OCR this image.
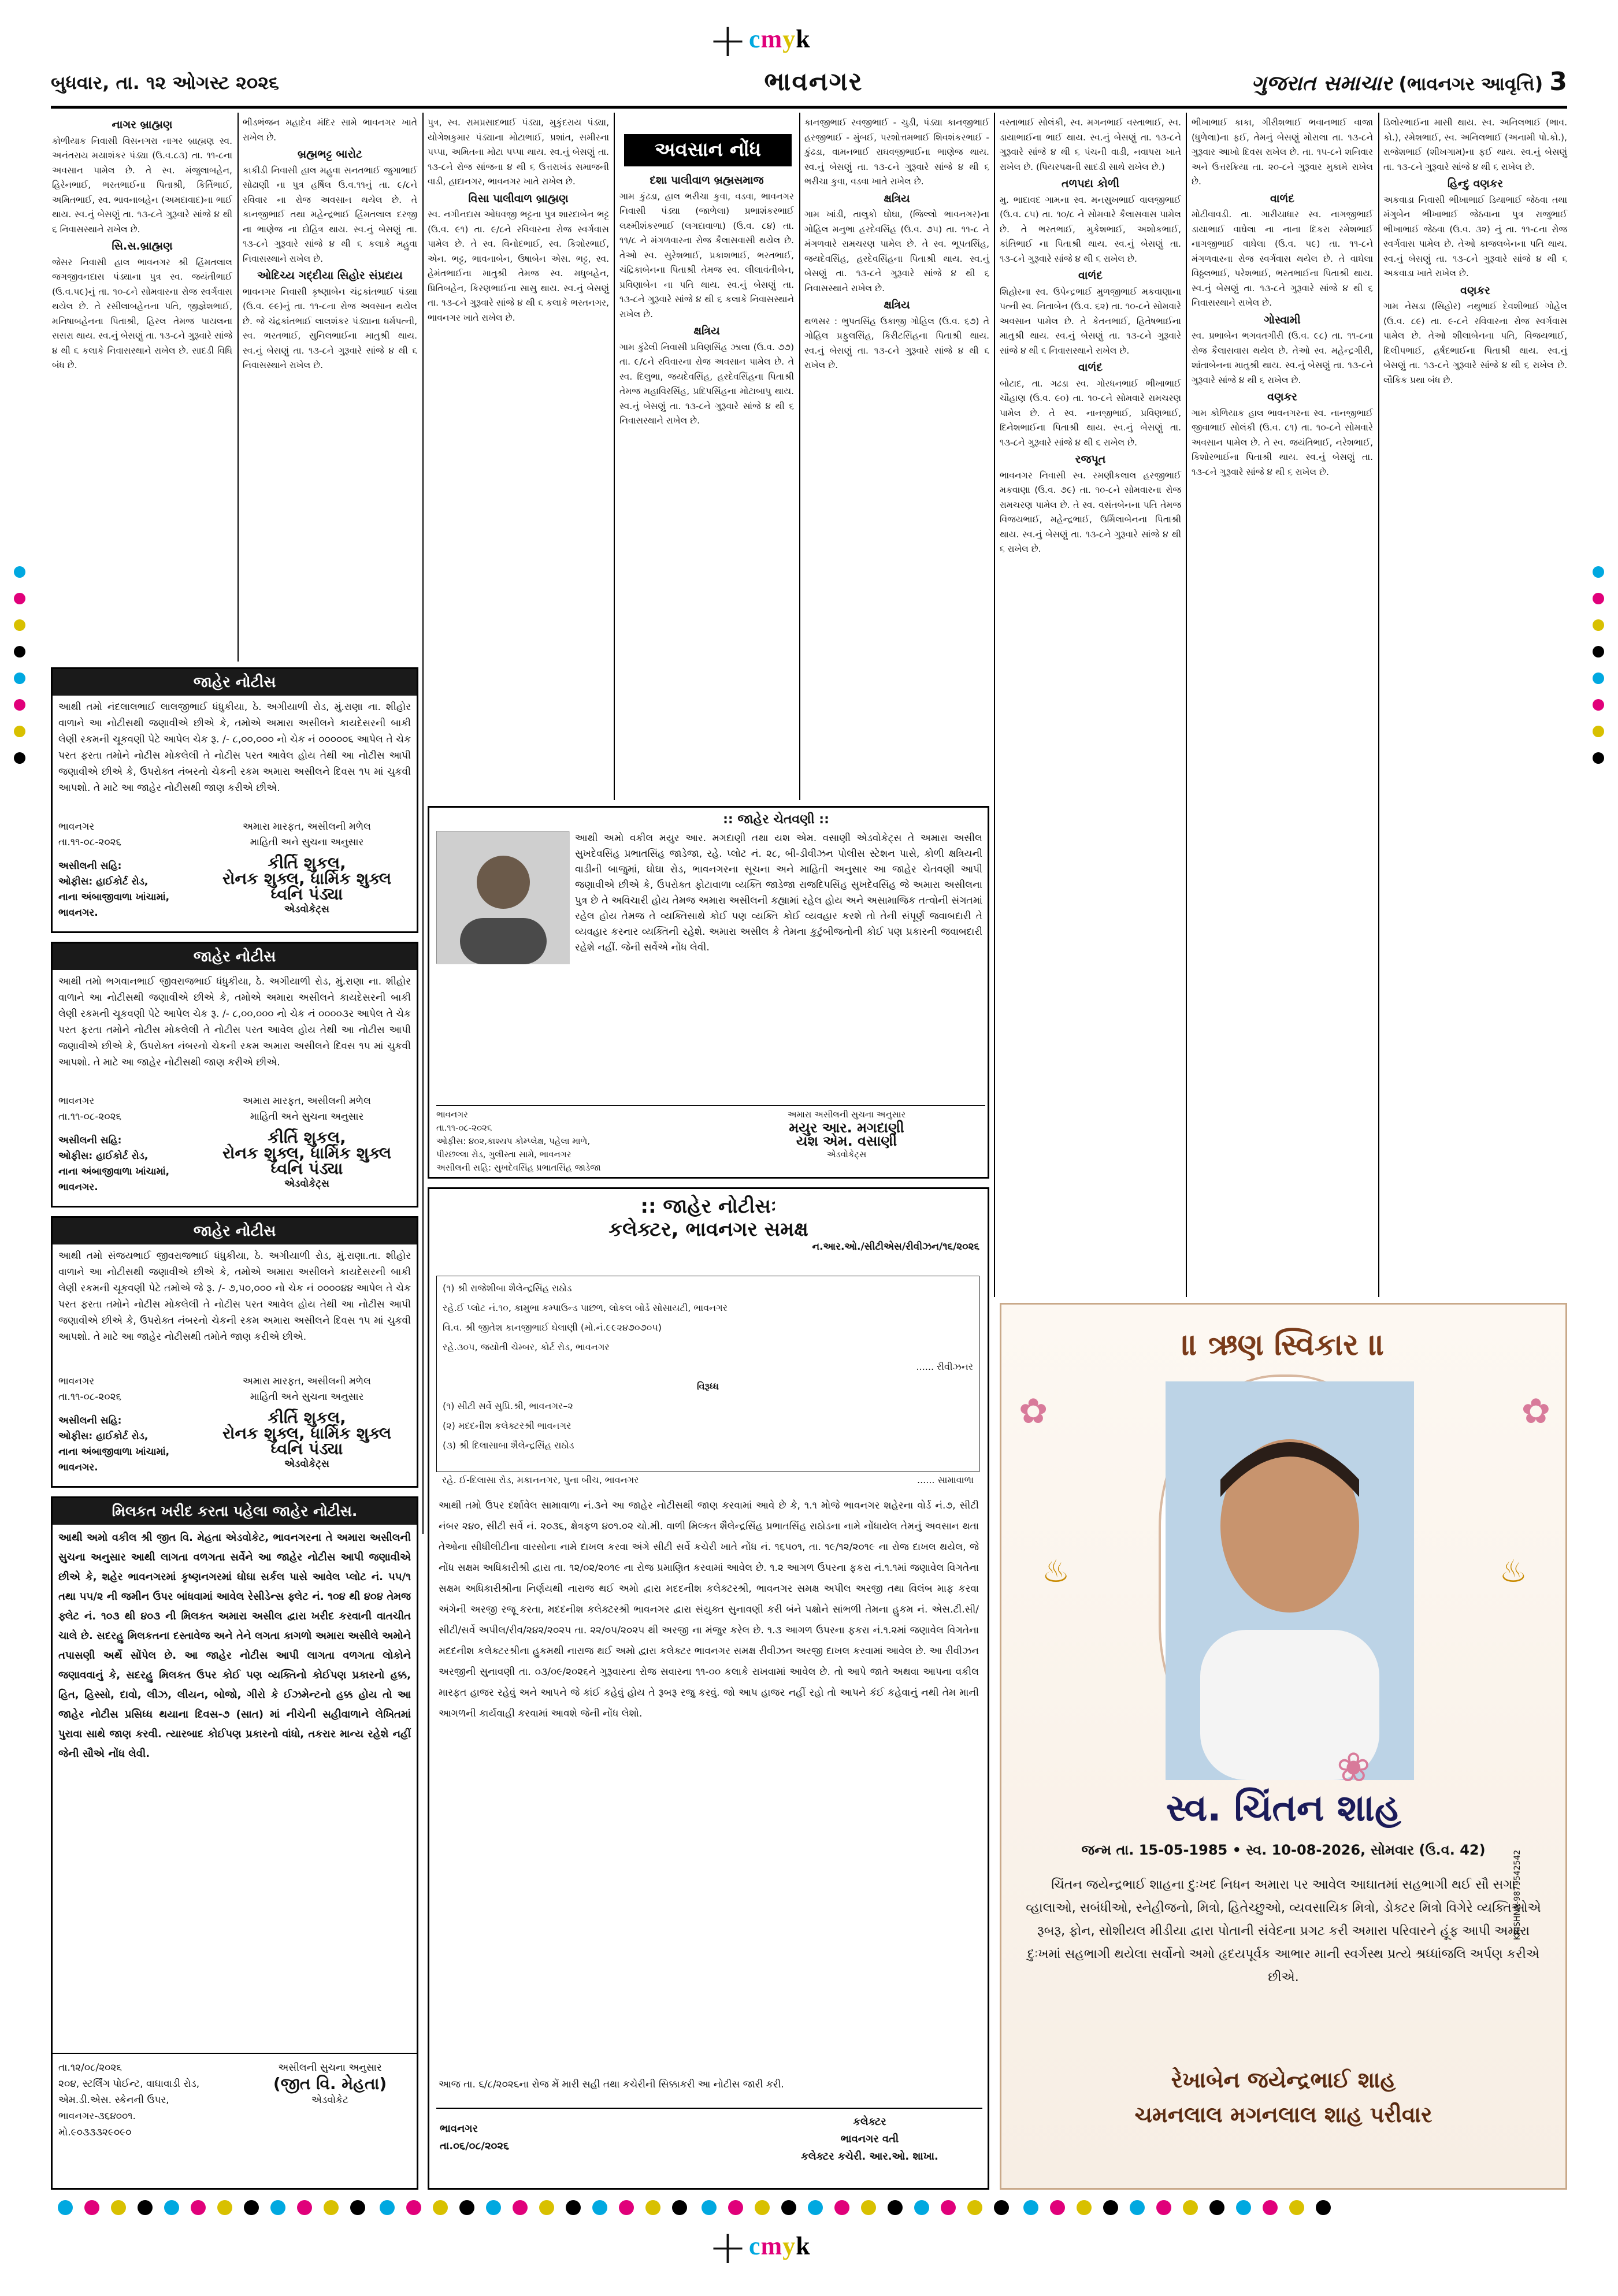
+ cmyk
+ cmyk

બુધવાર, તા. ૧૨ ઓગસ્ટ ૨૦૨૬	ભાવનગર	ગુજરાત સમાચાર (ભાવનગર આવૃત્તિ) 3
નાગર બ્રાહ્મણ

કોળીયાક નિવાસી વિસનગરા નાગર બ્રાહ્મણ સ્વ. અનંતરાય મયાશંકર પંડ્યા (ઉ.વ.૮૩) તા. ૧૧-૮ના અવસાન પામેલ છે. તે સ્વ. મંજુલાબહેન, હિરેનભાઈ, ભરતભાઈના પિતાશ્રી, કિર્તિભાઈ, અમિતભાઈ, સ્વ. ભાવનાબહેન (અમદાવાદ)ના ભાઈ થાય. સ્વ.નું બેસણું તા. ૧૩-૮ને ગુરૂવારે સાંજે ૪ થી ૬ નિવાસસ્થાને રાખેલ છે.

સિ.સ.બ્રાહ્મણ

જેસર નિવાસી હાલ ભાવનગર શ્રી હિંમતલાલ જગજીવનદાસ પંડ્યાના પુત્ર સ્વ. જયંતીભાઈ (ઉ.વ.૫૯)નું તા. ૧૦-૮ને સોમવારના રોજ સ્વર્ગવાસ થયેલ છે. તે રસીલાબહેનના પતિ, જીજ્ઞેશભાઈ, મનિષાબહેનના પિતાશ્રી, હિરલ તેમજ પાયલના સસરા થાય. સ્વ.નું બેસણું તા. ૧૩-૮ને ગુરૂવારે સાંજે ૪ થી ૬ કલાકે નિવાસસ્થાને રાખેલ છે. સાદડી વિધિ બંધ છે.

ભીડભંજન મહાદેવ મંદિર સામે ભાવનગર ખાતે રાખેલ છે.

બ્રહ્મભટ્ટ બારોટ

કાકીડી નિવાસી હાલ મહુવા સનતભાઈ જુગાભાઈ સોઢાણી ના પુત્ર હર્ષિલ ઉ.વ.૧૧નું તા. ૯/૮ને રવિવાર ના રોજ અવસાન થયેલ છે. તે કાનજીભાઈ તથા મહેન્દ્રભાઈ હિંમતલાલ દરજી ના ભાણેજ ના દોહિત્ર થાય. સ્વ.નું બેસણું તા. ૧૩-૮ને ગુરૂવારે સાંજે ૪ થી ૬ કલાકે મહુવા નિવાસસ્થાને રાખેલ છે.

ઓદિચ્ય ગદ્દીયા સિહોર સંપ્રદાય

ભાવનગર નિવાસી કૃષ્ણાબેન ચંદ્રકાંતભાઈ પંડ્યા (ઉ.વ. ૯૯)નું તા. ૧૧-૮ના રોજ અવસાન થયેલ છે. જે ચંદ્રકાંતભાઈ લાલશંકર પંડ્યાના ધર્મપત્ની, સ્વ. ભરતભાઈ, સુનિલભાઈના માતુશ્રી થાય. સ્વ.નું બેસણું તા. ૧૩-૮ને ગુરૂવારે સાંજે ૪ થી ૬ નિવાસસ્થાને રાખેલ છે.

પુત્ર, સ્વ. રામપ્રસાદભાઈ પંડ્યા, મુકુંદરાય પંડ્યા, યોગેશકુમાર પંડ્યાના મોટાભાઈ, પ્રશાંત, સમીરના પપ્પા, અમિતના મોટા પપ્પા થાય. સ્વ.નું બેસણું તા. ૧૩-૮ને રોજ સાંજના ૪ થી ૬ ઉત્તરાખંડ સમાજની વાડી, હાદાનગર, ભાવનગર ખાતે રાખેલ છે.

વિસા પાલીવાળ બ્રાહ્મણ

સ્વ. નગીનદાસ ઓધવજી ભટ્ટના પુત્ર શારદાબેન ભટ્ટ (ઉ.વ. ૯૧) તા. ૯/૮ને રવિવારના રોજ સ્વર્ગવાસ પામેલ છે. તે સ્વ. વિનોદભાઈ, સ્વ. કિશોરભાઈ, એન. ભટ્ટ, ભાવનાબેન, ઉષાબેન એસ. ભટ્ટ, સ્વ. હેમંતભાઈના માતુશ્રી તેમજ સ્વ. મધુબહેન, પ્રિતિબહેન, કિરણભાઈના સાસુ થાય. સ્વ.નું બેસણું તા. ૧૩-૮ને ગુરૂવારે સાંજે ૪ થી ૬ કલાકે ભરતનગર, ભાવનગર ખાતે રાખેલ છે.

અવસાન નોંધ
દશા પાલીવાળ બ્રહ્મસમાજ

ગામ કુંઢડા, હાલ ભરીચા કુવા, વડવા, ભાવનગર નિવાસી પંડ્યા (જાળેલા) પ્રભાશંકરભાઈ લક્ષ્મીશંકરભાઈ (લગદાવાળા) (ઉ.વ. ૮૪) તા. ૧૧/૮ ને મંગળવારના રોજ કૈલાસવાસી થયેલ છે. તેઓ સ્વ. સુરેશભાઈ, પ્રકાશભાઈ, ભરતભાઈ, ચંદ્રિકાબેનના પિતાશ્રી તેમજ સ્વ. લીલાવંતીબેન, પ્રવિણાબેન ના પતિ થાય. સ્વ.નું બેસણું તા. ૧૩-૮ને ગુરૂવારે સાંજે ૪ થી ૬ કલાકે નિવાસસ્થાને રાખેલ છે.

ક્ષત્રિય

ગામ કુંઢેલી નિવાસી પ્રવિણસિંહ ઝાલા (ઉ.વ. ૭૭) તા. ૯/૮ને રવિવારના રોજ અવસાન પામેલ છે. તે સ્વ. દિલુભા, જયદેવસિંહ, હરદેવસિંહના પિતાશ્રી તેમજ મહાવિરસિંહ, પ્રદિપસિંહના મોટાબાપુ થાય. સ્વ.નું બેસણું તા. ૧૩-૮ને ગુરૂવારે સાંજે ૪ થી ૬ નિવાસસ્થાને રાખેલ છે.

કાનજીભાઈ રવજીભાઈ - ચુડી, પંડ્યા કાનજીભાઈ હરજીભાઈ - મુંબઈ, પરશોત્તમભાઈ શિવશંકરભાઈ - કુંઢડા, વામનભાઈ રાઘવજીભાઈના ભાણેજ થાય. સ્વ.નું બેસણું તા. ૧૩-૮ને ગુરૂવારે સાંજે ૪ થી ૬ ભરીચા કુવા, વડવા ખાતે રાખેલ છે.

ક્ષત્રિય

ગામ ખાંડી, તાલુકો ઘોઘા, (જિલ્લો ભાવનગર)ના ગોહિલ મનુભા હરદેવસિંહ (ઉ.વ. ૭૫) તા. ૧૧-૮ ને મંગળવારે રામચરણ પામેલ છે. તે સ્વ. ભૂપતસિંહ, જયદેવસિંહ, હરદેવસિંહના પિતાશ્રી થાય. સ્વ.નું બેસણું તા. ૧૩-૮ને ગુરૂવારે સાંજે ૪ થી ૬ નિવાસસ્થાને રાખેલ છે.

ક્ષત્રિય

થળસર : ભુપતસિંહ ઉકાજી ગોહિલ (ઉ.વ. ૬૭) તે ગોહિલ પ્રફુલસિંહ, કિરીટસિંહના પિતાશ્રી થાય. સ્વ.નું બેસણું તા. ૧૩-૮ને ગુરૂવારે સાંજે ૪ થી ૬ રાખેલ છે.

વસ્તાભાઈ સોલંકી, સ્વ. મગનભાઈ વસ્તાભાઈ, સ્વ. ડાયાભાઈના ભાઈ થાય. સ્વ.નું બેસણું તા. ૧૩-૮ને ગુરૂવારે સાંજે ૪ થી ૬ પંચની વાડી, નવાપરા ખાતે રાખેલ છે. (પિયરપક્ષની સાદડી સાથે રાખેલ છે.)

તળપદા કોળી

મુ. ભાદાવદ ગામના સ્વ. મનસુખભાઈ વાલજીભાઈ (ઉ.વ. ૮૫) તા. ૧૦/૮ ને સોમવારે કૈલાસવાસ પામેલ છે. તે ભરતભાઈ, મુકેશભાઈ, અશોકભાઈ, કાંતિભાઈ ના પિતાશ્રી થાય. સ્વ.નું બેસણું તા. ૧૩-૮ને ગુરૂવારે સાંજે ૪ થી ૬ રાખેલ છે.

વાળંદ

શિહોરના સ્વ. ઉપેન્દ્રભાઈ મુળજીભાઈ મકવાણાના પત્ની સ્વ. નિતાબેન (ઉ.વ. ૬૨) તા. ૧૦-૮ને સોમવારે અવસાન પામેલ છે. તે કેતનભાઈ, હિતેષભાઈના માતુશ્રી થાય. સ્વ.નું બેસણું તા. ૧૩-૮ને ગુરૂવારે સાંજે ૪ થી ૬ નિવાસસ્થાને રાખેલ છે.

વાળંદ

બોટાદ, તા. ગઢડા સ્વ. ગોરધનભાઈ ભીખાભાઈ ચૌહાણ (ઉ.વ. ૯૦) તા. ૧૦-૮ને સોમવારે રામચરણ પામેલ છે. તે સ્વ. નાનજીભાઈ, પ્રવિણભાઈ, દિનેશભાઈના પિતાશ્રી થાય. સ્વ.નું બેસણું તા. ૧૩-૮ને ગુરૂવારે સાંજે ૪ થી ૬ રાખેલ છે.

રજપૂત

ભાવનગર નિવાસી સ્વ. રમણીકલાલ હરજીભાઈ મકવાણા (ઉ.વ. ૭૯) તા. ૧૦-૮ને સોમવારના રોજ રામચરણ પામેલ છે. તે સ્વ. વસંતબેનના પતિ તેમજ વિજયભાઈ, મહેન્દ્રભાઈ, ઉર્મિલાબેનના પિતાશ્રી થાય. સ્વ.નું બેસણું તા. ૧૩-૮ને ગુરૂવારે સાંજે ૪ થી ૬ રાખેલ છે.

ભીખાભાઈ કાકા, ગીરીશભાઈ ભવાનભાઈ વાજા (ધુળેલા)ના ફઈ, તેમનું બેસણું મોરાલા તા. ૧૩-૮ને ગુરૂવાર આખો દિવસ રાખેલ છે. તા. ૧૫-૮ને શનિવાર અને ઉત્તરક્રિયા તા. ૨૦-૮ને ગુરૂવાર મુકામે રાખેલ છે.

વાળંદ

મોટીવાવડી. તા. ગારીયાધાર સ્વ. નાગજીભાઈ ડાયાભાઈ વાઘેલા ના નાના દિકરા રમેશભાઈ નાગજીભાઈ વાઘેલા (ઉ.વ. ૫૯) તા. ૧૧-૮ને મંગળવારના રોજ સ્વર્ગવાસ થયેલ છે. તે વાઘેલા વિઠ્ઠલભાઈ, પરેશભાઈ, ભરતભાઈના પિતાશ્રી થાય. સ્વ.નું બેસણું તા. ૧૩-૮ને ગુરૂવારે સાંજે ૪ થી ૬ નિવાસસ્થાને રાખેલ છે.

ગોસ્વામી

સ્વ. પ્રભાબેન ભગવતગીરી (ઉ.વ. ૯૮) તા. ૧૧-૮ના રોજ કૈલાસવાસ થયેલ છે. તેઓ સ્વ. મહેન્દ્રગીરી, શાંતાબેનના માતુશ્રી થાય. સ્વ.નું બેસણું તા. ૧૩-૮ને ગુરૂવારે સાંજે ૪ થી ૬ રાખેલ છે.

વણકર

ગામ કોળિયાક હાલ ભાવનગરના સ્વ. નાનજીભાઈ જીવાભાઈ સોલંકી (ઉ.વ. ૮૧) તા. ૧૦-૮ને સોમવારે અવસાન પામેલ છે. તે સ્વ. જયંતિભાઈ, નરેશભાઈ, કિશોરભાઈના પિતાશ્રી થાય. સ્વ.નું બેસણું તા. ૧૩-૮ને ગુરૂવારે સાંજે ૪ થી ૬ રાખેલ છે.

ડિલોરભાઈના માસી થાય. સ્વ. અનિલભાઈ (ભાવ. કો.), રમેશભાઈ, સ્વ. અનિલભાઈ (અનામી પો.કો.), રાજેશભાઈ (શીખગામ)ના ફઈ થાય. સ્વ.નું બેસણું તા. ૧૩-૮ને ગુરૂવારે સાંજે ૪ થી ૬ રાખેલ છે.

હિન્દુ વણકર

અકવાડા નિવાસી ભીખાભાઈ ડિયાભાઈ જેઠવા તથા મંગુબેન ભીખાભાઈ જેઠવાના પુત્ર રાજુભાઈ ભીખાભાઈ જેઠવા (ઉ.વ. ૩૨) નું તા. ૧૧-૮ના રોજ સ્વર્ગવાસ પામેલ છે. તેઓ કાજલબેનના પતિ થાય. સ્વ.નું બેસણું તા. ૧૩-૮ને ગુરૂવારે સાંજે ૪ થી ૬ અકવાડા ખાતે રાખેલ છે.

વણકર

ગામ નેસડા (સિહોર) નથુભાઈ દેવશીભાઈ ગોહેલ (ઉ.વ. ૮૯) તા. ૯-૮ને રવિવારના રોજ સ્વર્ગવાસ પામેલ છે. તેઓ શીલાબેનના પતિ, વિજયભાઈ, દિલીપભાઈ, હર્ષદભાઈના પિતાશ્રી થાય. સ્વ.નું બેસણું તા. ૧૩-૮ને ગુરૂવારે સાંજે ૪ થી ૬ રાખેલ છે. લૌકિક પ્રથા બંધ છે.

જાહેર નોટીસ
આથી તમો નંદલાલભાઈ લાલજીભાઈ ધંધુકીયા, ઠે. અગીયાળી રોડ, મું.રાણા ના. શીહોર વાળાને આ નોટીસથી જણાવીએ છીએ કે, તમોએ અમારા અસીલને કાયદેસરની બાકી લેણી રકમની ચૂકવણી પેટે આપેલ ચેક રૂ. /- ૮,૦૦,૦૦૦ નો ચેક નં ૦૦૦૦૦૬ આપેલ તે ચેક પરત ફરતા તમોને નોટીસ મોકલેલી તે નોટીસ પરત આવેલ હોય તેથી આ નોટીસ આપી જણાવીએ છીએ કે, ઉપરોક્ત નંબરનો ચેકની રકમ અમારા અસીલને દિવસ ૧૫ માં ચુકવી આપશો. તે માટે આ જાહેર નોટીસથી જાણ કરીએ છીએ.
ભાવનગર
તા.૧૧-૦૮-૨૦૨૬
અમારા મારફત, અસીલની મળેલ
માહિતી અને સુચના અનુસાર
અસીલની સહિ:
ઓફીસ: હાઈકોર્ટ રોડ,
નાના અંબાજીવાળા ખાંચામાં,
ભાવનગર.
કીર્તિ શુકલ,
રોનક શુક્લ, ધાર્મિક શુક્લ
ધ્વનિ પંડ્યા
એડવોકેટ્સ
જાહેર નોટીસ
આથી તમો ભગવાનભાઈ જીવરાજભાઈ ધંધુકીયા, ઠે. અગીયાળી રોડ, મું.રાણા ના. શીહોર વાળાને આ નોટીસથી જણાવીએ છીએ કે, તમોએ અમારા અસીલને કાયદેસરની બાકી લેણી રકમની ચૂકવણી પેટે આપેલ ચેક રૂ. /- ૮,૦૦,૦૦૦ નો ચેક નં ૦૦૦૦૩ર આપેલ તે ચેક પરત ફરતા તમોને નોટીસ મોકલેલી તે નોટીસ પરત આવેલ હોય તેથી આ નોટીસ આપી જણાવીએ છીએ કે, ઉપરોક્ત નંબરનો ચેકની રકમ અમારા અસીલને દિવસ ૧૫ માં ચુકવી આપશો. તે માટે આ જાહેર નોટીસથી જાણ કરીએ છીએ.
ભાવનગર
તા.૧૧-૦૮-૨૦૨૬
અમારા મારફત, અસીલની મળેલ
માહિતી અને સુચના અનુસાર
અસીલની સહિ:
ઓફીસ: હાઈકોર્ટ રોડ,
નાના અંબાજીવાળા ખાંચામાં,
ભાવનગર.
કીર્તિ શુકલ,
રોનક શુક્લ, ધાર્મિક શુક્લ
ધ્વનિ પંડ્યા
એડવોકેટ્સ
જાહેર નોટીસ
આથી તમો સંજયભાઈ જીવરાજભાઈ ધંધુકીયા, ઠે. અગીયાળી રોડ, મું.રાણા.તા. શીહોર વાળાને આ નોટીસથી જણાવીએ છીએ કે, તમોએ અમારા અસીલને કાયદેસરની બાકી લેણી રકમની ચૂકવણી પેટે તમોએ જે રૂ. /- ૭,૫૦,૦૦૦ નો ચેક નં ૦૦૦૦૪૪ આપેલ તે ચેક પરત ફરતા તમોને નોટીસ મોકલેલી તે નોટીસ પરત આવેલ હોય તેથી આ નોટીસ આપી જણાવીએ છીએ કે, ઉપરોક્ત નંબરનો ચેકની રકમ અમારા અસીલને દિવસ ૧૫ માં ચુકવી આપશો. તે માટે આ જાહેર નોટીસથી તમોને જાણ કરીએ છીએ.
ભાવનગર
તા.૧૧-૦૮-૨૦૨૬
અમારા મારફત, અસીલની મળેલ
માહિતી અને સુચના અનુસાર
અસીલની સહિ:
ઓફીસ: હાઈકોર્ટ રોડ,
નાના અંબાજીવાળા ખાંચામાં,
ભાવનગર.
કીર્તિ શુકલ,
રોનક શુક્લ, ધાર્મિક શુક્લ
ધ્વનિ પંડ્યા
એડવોકેટ્સ
મિલકત ખરીદ કરતા પહેલા જાહેર નોટીસ.
આથી અમો વકીલ શ્રી જીત વિ. મેહતા એડવોકેટ, ભાવનગરના તે અમારા અસીલની સુચના અનુસાર આથી લાગતા વળગતા સર્વેને આ જાહેર નોટીસ આપી જણાવીએ છીએ કે, શહેર ભાવનગરમાં કૃષ્ણનગરમાં ઘોઘા સર્કલ પાસે આવેલ પ્લોટ નં. ૫૫/૧ તથા ૫૫/૨ ની જમીન ઉપર બાંધવામાં આવેલ રેસીડેન્સ ફ્લેટ નં. ૧૦૪ થી ૪૦૪ તેમજ ફ્લેટ નં. ૧૦૩ થી ૪૦૩ ની મિલકત અમારા અસીલ દ્વારા ખરીદ કરવાની વાતચીત ચાલે છે. સદરહુ મિલકતના દસ્તાવેજ અને તેને લગતા કાગળો અમારા અસીલે અમોને તપાસણી અર્થે સોંપેલ છે. આ જાહેર નોટીસ આપી લાગતા વળગતા લોકોને જણાવવાનું કે, સદરહુ મિલકત ઉપર કોઈ પણ વ્યક્તિનો કોઈપણ પ્રકારનો હક્ક, હિત, હિસ્સો, દાવો, લીઝ, લીયન, બોજો, ગીરો કે ઈઝમેન્ટનો હક્ક હોય તો આ જાહેર નોટીસ પ્રસિધ્ધ થયાના દિવસ-૭ (સાત) માં નીચેની સહીવાળાને લેખિતમાં પુરાવા સાથે જાણ કરવી. ત્યારબાદ કોઈપણ પ્રકારનો વાંધો, તકરાર માન્ય રહેશે નહીં જેની સૌએ નોંધ લેવી.
તા.૧૨/૦૮/૨૦૨૬
૨૦૪, સ્ટર્લિંગ પોઈન્ટ, વાઘાવાડી રોડ,
એમ.ડી.એસ. સ્કેનની ઉપર,
ભાવનગર-૩૬૪૦૦૧.
મો.૯૦૩૩૩૨૯૦૯૦
અસીલની સુચના અનુસાર
(જીત વિ. મેહતા)
એડવોકેટ
:: જાહેર ચેતવણી ::
આથી અમો વકીલ મયુર આર. મગદાણી તથા યશ એમ. વસાણી એડવોકેટ્સ તે અમારા અસીલ સુખદેવસિંહ પ્રભાતસિંહ જાડેજા, રહે. પ્લોટ નં. ૨૮, બી-ડીવીઝન પોલીસ સ્ટેશન પાસે, કોળી ક્ષત્રિયની વાડીની બાજુમાં, ઘોઘા રોડ, ભાવનગરના સૂચના અને માહિતી અનુસાર આ જાહેર ચેતવણી આપી જણાવીએ છીએ કે, ઉપરોક્ત ફોટાવાળા વ્યક્તિ જાડેજા રાજદિપસિંહ સુખદેવસિંહ જે અમારા અસીલના પુત્ર છે તે અવિચારી હોય તેમજ અમારા અસીલની કહ્યામાં રહેલ હોય અને અસામાજિક તત્વોની સંગતમાં રહેલ હોય તેમજ તે વ્યક્તિસાથે કોઈ પણ વ્યક્તિ કોઈ વ્યવહાર કરશે તો તેની સંપૂર્ણ જવાબદારી તે વ્યવહાર કરનાર વ્યક્તિની રહેશે. અમારા અસીલ કે તેમના કુટુંબીજનોની કોઈ પણ પ્રકારની જવાબદારી રહેશે નહીં. જેની સર્વેએ નોંધ લેવી.
ભાવનગર
તા.૧૧-૦૮-૨૦૨૬
ઓફીસ: ૪૦૨,કાશ્યપ કોમ્પ્લેક્ષ, પહેલા માળે,
પીરછલ્લા રોડ, ગુલીસ્તા સામે, ભાવનગર
અસીલની સહિ: સુખદેવસિંહ પ્રભાતસિંહ જાડેજા
અમારા અસીલની સુચના અનુસાર
મયુર આર. મગદાણી
યશ એમ. વસાણી
એડવોકેટ્સ
:: જાહેર નોટીસઃ
કલેક્ટર, ભાવનગર સમક્ષ
ન.આર.ઓ./સીટીએસ/રીવીઝન/૧૬/૨૦૨૬
(૧) શ્રી રાજેશીબા શૈલેન્દ્રસિંહ રાઠોડ
રહે.ઈ પ્લોટ નં.૧૦, કામુભા કમ્પાઉન્ડ પાછળ, લોકલ બોર્ડ સોસાયટી, ભાવનગર
વિ.વ. શ્રી જીતેશ કાનજીભાઈ ઘેલાણી (મો.નં.૯૯૨૪૭૦૭૦૫)
રહે.૩૦૫, જયોતી ચેમ્બર, કોર્ટ રોડ, ભાવનગર
...... રીવીઝનર
વિરૂધ્ધ
(૧) સીટી સર્વે સુપ્રિ.શ્રી, ભાવનગર–૨
(૨) મદદનીશ કલેક્ટરશ્રી ભાવનગર
(૩) શ્રી દિલાસાબા શૈલેન્દ્રસિંહ રાઠોડ
રહે. ઈ-દિલાસા રોડ, મકાનનગર, પુના બીચ, ભાવનગર	...... સામાવાળા
આથી તમો ઉપર દર્શાવેલ સામાવાળા નં.૩ને આ જાહેર નોટીસથી જાણ કરવામાં આવે છે કે, ૧.૧ મોજે ભાવનગર શહેરના વોર્ડ નં.૭, સીટી નંબર ૨૪૦, સીટી સર્વે નં. ૨૦૩૬, ક્ષેત્રફળ ૪૦૧.૦૨ ચો.મી. વાળી મિલ્કત શૈલેન્દ્રસિંહ પ્રભાતસિંહ રાઠોડના નામે નોંધાયેલ તેમનું અવસાન થતા તેઓના સીધીલીટીના વારસોના નામે દાખલ કરવા અંગે સીટી સર્વે કચેરી ખાતે નોંધ નં. ૧૬૫૦૧, તા. ૧૯/૧૨/૨૦૧૯ ના રોજ દાખલ થયેલ, જે નોંધ સક્ષમ અધિકારીશ્રી દ્વારા તા. ૧૨/૦૨/૨૦૧૯ ના રોજ પ્રમાણિત કરવામાં આવેલ છે. ૧.૨ આગળ ઉપરના ફકરા નં.૧.૧માં જણાવેલ વિગતેના સક્ષમ અધિકારીશ્રીના નિર્ણયથી નારાજ થઈ અમો દ્વારા મદદનીશ કલેક્ટરશ્રી, ભાવનગર સમક્ષ અપીલ અરજી તથા વિલંબ માફ કરવા અંગેની અરજી રજૂ કરતા, મદદનીશ કલેક્ટરશ્રી ભાવનગર દ્વારા સંયુક્ત સુનાવણી કરી બંને પક્ષોને સાંભળી તેમના હુકમ નં. એસ.ટી.સી/સીટી/સર્વે અપીલ/રીવ/૨૪૨/૨૦૨૫ તા. ૨૨/૦૫/૨૦૨૫ થી અરજી ના મંજુર કરેલ છે. ૧.૩ આગળ ઉપરના ફકરા નં.૧.૨માં જણાવેલ વિગતેના મદદનીશ કલેક્ટરશ્રીના હુકમથી નારાજ થઈ અમો દ્વારા કલેક્ટર ભાવનગર સમક્ષ રીવીઝન અરજી દાખલ કરવામાં આવેલ છે. આ રીવીઝન અરજીની સુનાવણી તા. ૦૩/૦૯/૨૦૨૬ને ગુરૂવારના રોજ સવારના ૧૧-૦૦ કલાકે રાખવામાં આવેલ છે. તો આપે જાતે અથવા આપના વકીલ મારફત હાજર રહેવું અને આપને જે કાંઈ કહેવું હોય તે રૂબરૂ રજુ કરવું. જો આપ હાજર નહીં રહો તો આપને કંઈ કહેવાનું નથી તેમ માની આગળની કાર્યવાહી કરવામાં આવશે જેની નોંધ લેશો.
આજ તા. ૬/૮/૨૦૨૬ના રોજ મેં મારી સહી તથા કચેરીની સિક્કાકરી આ નોટીસ જારી કરી.
ભાવનગર
તા.૦૬/૦૮/૨૦૨૬
કલેક્ટર
ભાવનગર વતી
કલેક્ટર કચેરી. આર.ઓ. શાખા.
॥ ઋણ સ્વિકાર ॥
✿	✿
♨	♨
❀
સ્વ. ચિંતન શાહ
જન્મ તા. 15-05-1985 • સ્વ. 10-08-2026, સોમવાર (ઉ.વ. 42)
ચિંતન જયેન્દ્રભાઈ શાહના દુઃખદ નિધન અમારા પર આવેલ આઘાતમાં સહભાગી થઈ સૌ સગા વ્હાલાઓ, સબંધીઓ, સ્નેહીજનો, મિત્રો, હિતેચ્છુઓ, વ્યવસાયિક મિત્રો, ડોક્ટર મિત્રો વિગેરે વ્યક્તિઓએ રૂબરૂ, ફોન, સોશીયલ મીડીયા દ્વારા પોતાની સંવેદના પ્રગટ કરી અમારા પરિવારને હૂંફ આપી અમારા દુઃખમાં સહભાગી થયેલા સર્વોનો અમો હૃદયપૂર્વક આભાર માની સ્વર્ગસ્થ પ્રત્યે શ્રધ્ધાંજલિ અર્પણ કરીએ છીએ.
રેખાબેન જયેન્દ્રભાઈ શાહ
ચમનલાલ મગનલાલ શાહ પરીવાર
KRISHNA-9879542542
